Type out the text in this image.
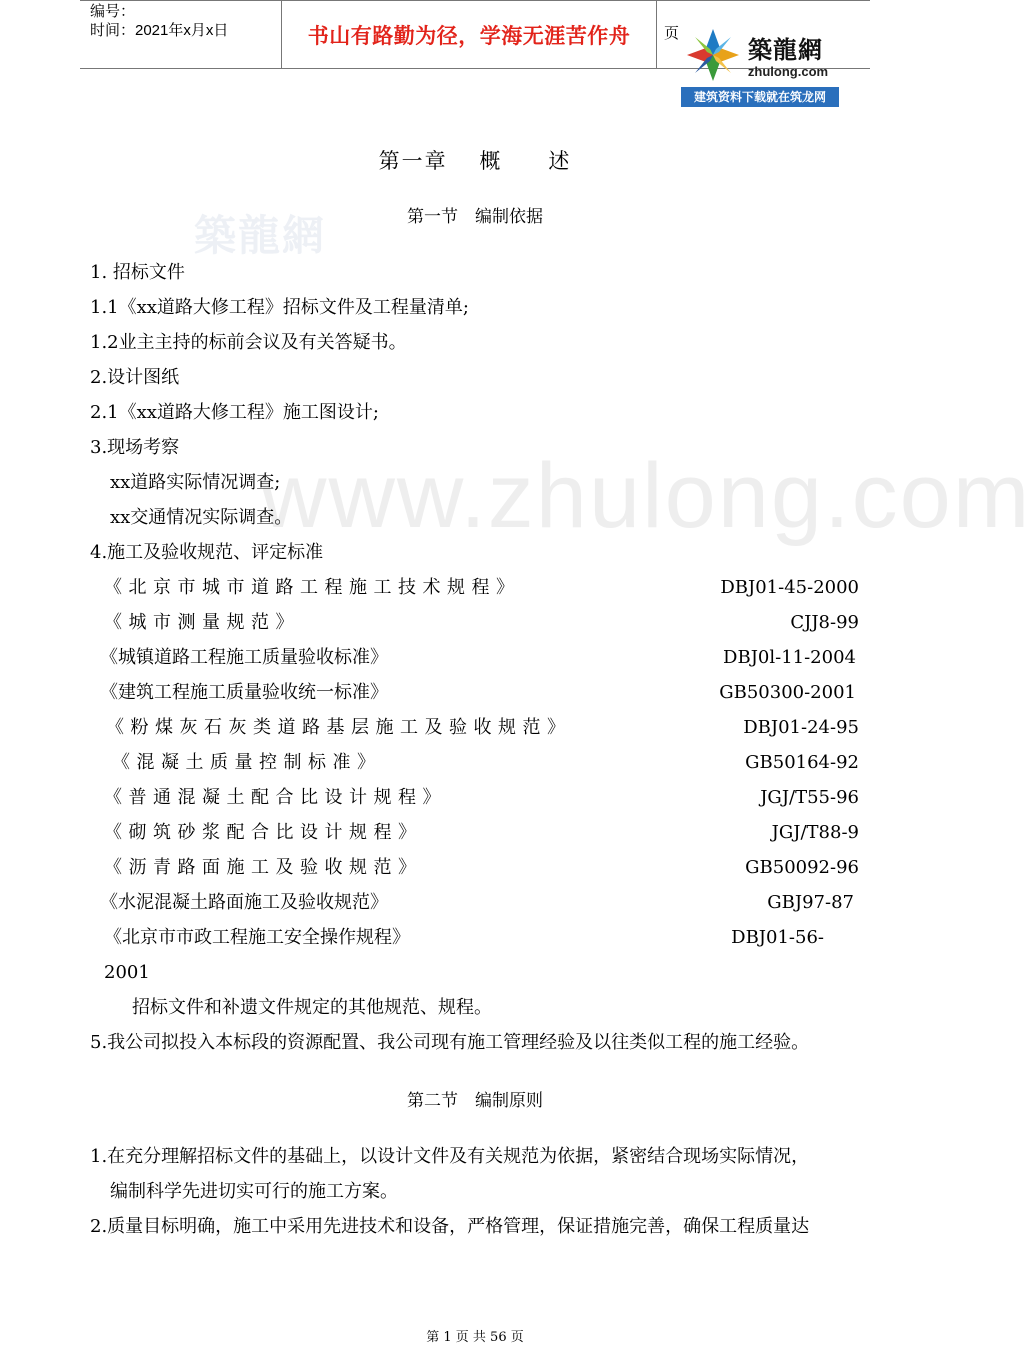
编号：
时间：2021年x月x日	书山有路勤为径，学海无涯苦作舟	页
築龍網
zhulong.com
建筑资料下载就在筑龙网
築龍網
www.zhulong.com
第一章　 概　　述
第一节　编制依据
1. 招标文件
1.1《xx道路大修工程》招标文件及工程量清单;
1.2业主主持的标前会议及有关答疑书。
2.设计图纸
2.1《xx道路大修工程》施工图设计;
3.现场考察
xx道路实际情况调查;
xx交通情况实际调查。
4.施工及验收规范、评定标准
《北京市城市道路工程施工技术规程》	DBJ01-45-2000
《城市测量规范》	CJJ8-99
《城镇道路工程施工质量验收标准》	DBJ0l-11-2004
《建筑工程施工质量验收统一标准》	GB50300-2001
《粉煤灰石灰类道路基层施工及验收规范》	DBJ01-24-95
《混凝土质量控制标准》	GB50164-92
《普通混凝土配合比设计规程》	JGJ/T55-96
《砌筑砂浆配合比设计规程》	JGJ/T88-9
《沥青路面施工及验收规范》	GB50092-96
《水泥混凝土路面施工及验收规范》	GBJ97-87
《北京市市政工程施工安全操作规程》	DBJ01-56-
2001
招标文件和补遗文件规定的其他规范、规程。
5.我公司拟投入本标段的资源配置、我公司现有施工管理经验及以往类似工程的施工经验。
第二节　编制原则
1.在充分理解招标文件的基础上，以设计文件及有关规范为依据，紧密结合现场实际情况，
编制科学先进切实可行的施工方案。
2.质量目标明确，施工中采用先进技术和设备，严格管理，保证措施完善，确保工程质量达
第 1 页 共 56 页
